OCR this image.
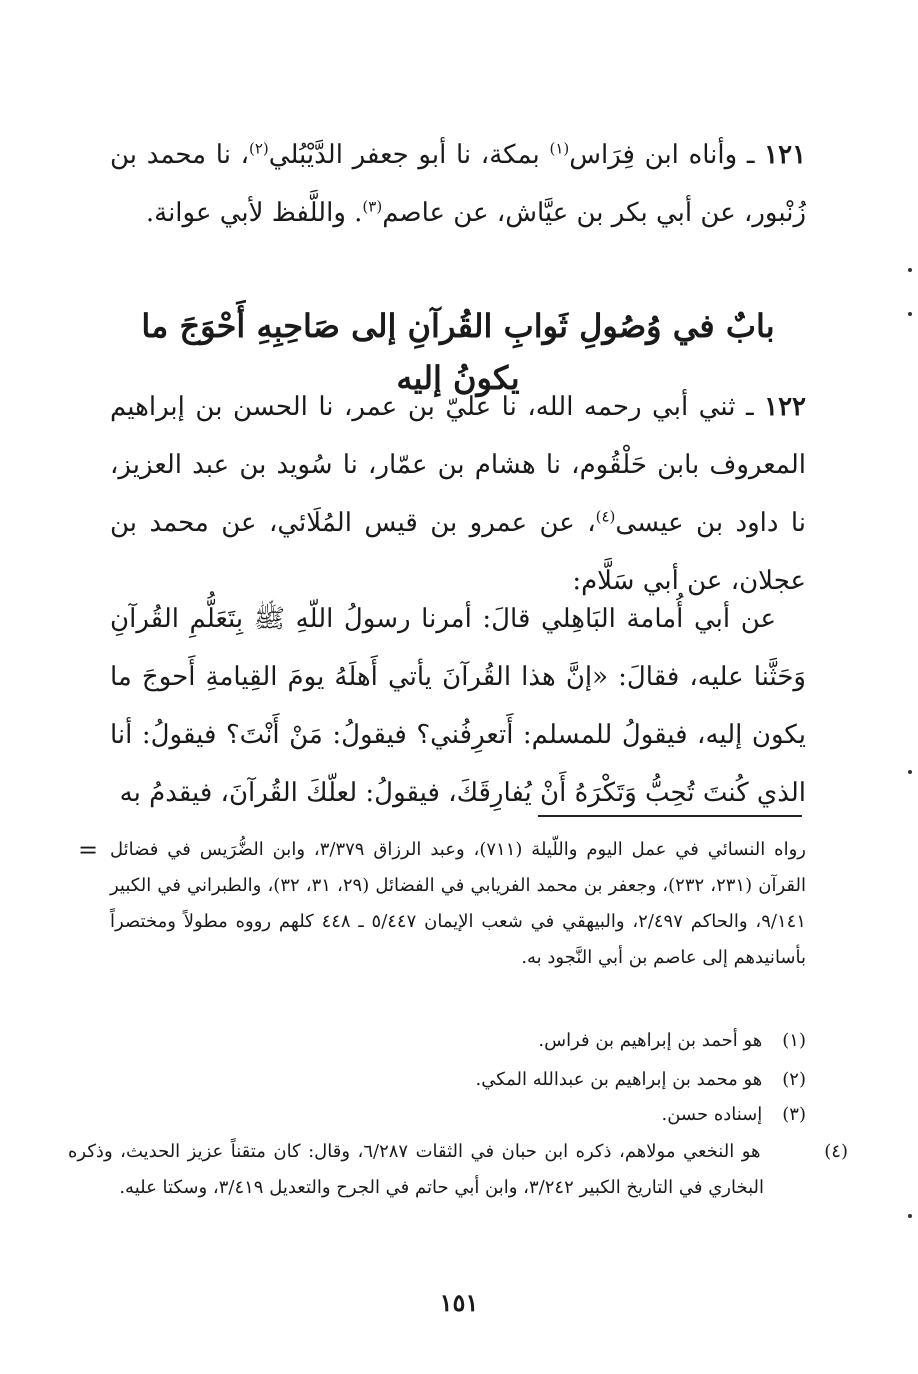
١٢١ ـ وأناه ابن فِرَاس$^{(١)}$ بمكة، نا أبو جعفر الدَّيْبُلي$^{(٢)}$، نا محمد بن زُنْبور، عن أبي بكر بن عيَّاش، عن عاصم$^{(٣)}$. واللَّفظ لأبي عوانة.

بابٌ في وُصُولِ ثَوابِ القُرآنِ إلى صَاحِبِهِ أَحْوَجَ ما يكونُ إليه

١٢٢ ـ ثني أبي رحمه الله، نا عليّ بن عمر، نا الحسن بن إبراهيم المعروف بابن حَلْقُوم، نا هشام بن عمّار، نا سُويد بن عبد العزيز، نا داود بن عيسى$^{(٤)}$، عن عمرو بن قيس المُلَائي، عن محمد بن عجلان، عن أبي سَلَّام:

عن أبي أُمامة البَاهِلي قالَ: أمرنا رسولُ اللّهِ ﷺ بِتَعَلُّمِ القُرآنِ وَحَثَّنا عليه، فقالَ: «إنَّ هذا القُرآنَ يأتي أَهلَهُ يومَ القِيامةِ أَحوجَ ما يكون إليه، فيقولُ للمسلم: أَتعرِفُني؟ فيقولُ: مَنْ أَنْتَ؟ فيقولُ: أنا الذي كُنتَ تُحِبُّ وَتَكْرَهُ أَنْ يُفارِقَكَ، فيقولُ: لعلّكَ القُرآنَ، فيقدمُ به

= رواه النسائي في عمل اليوم واللّيلة (٧١١)، وعبد الرزاق ٣/٣٧٩، وابن الضُّرَيس في فضائل القرآن (٢٣١، ٢٣٢)، وجعفر بن محمد الفريابي في الفضائل (٢٩، ٣١، ٣٢)، والطبراني في الكبير ٩/١٤١، والحاكم ٢/٤٩٧، والبيهقي في شعب الإيمان ٥/٤٤٧ ـ ٤٤٨ كلهم رووه مطولاً ومختصراً بأسانيدهم إلى عاصم بن أبي النَّجود به.

(١) هو أحمد بن إبراهيم بن فراس.

(٢) هو محمد بن إبراهيم بن عبدالله المكي.

(٣) إسناده حسن.

(٤) هو النخعي مولاهم، ذكره ابن حبان في الثقات ٦/٢٨٧، وقال: كان متقناً عزيز الحديث، وذكره البخاري في التاريخ الكبير ٣/٢٤٢، وابن أبي حاتم في الجرح والتعديل ٣/٤١٩، وسكتا عليه.

١٥١
